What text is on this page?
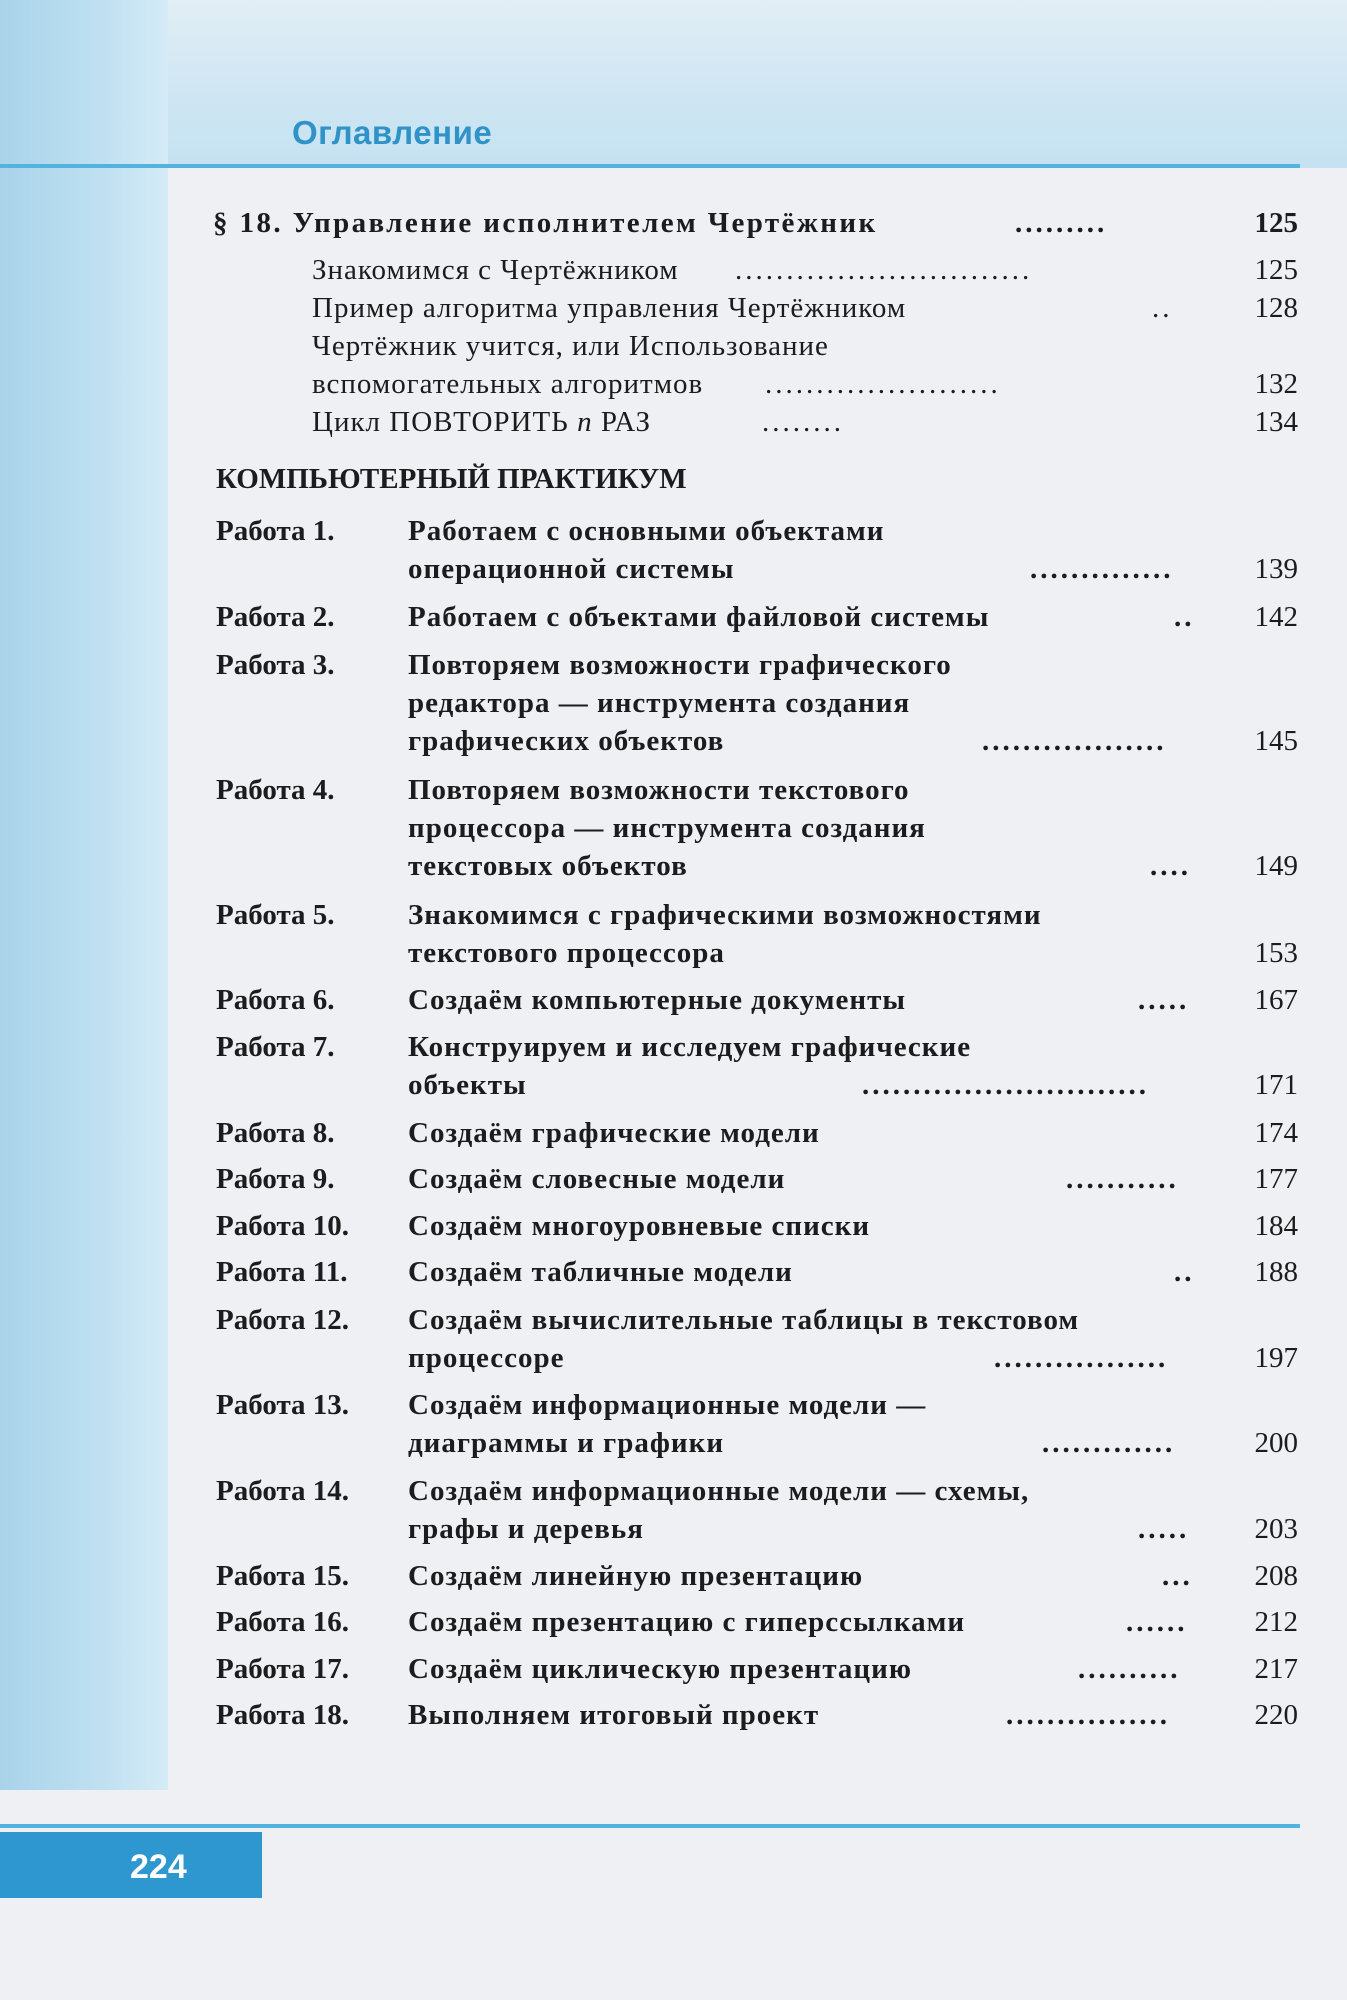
Оглавление
§ 18. Управление исполнителем Чертёжник	.........	125
Знакомимся с Чертёжником .............................	125
Пример алгоритма управления Чертёжником	..	128
Чертёжник учится, или Использование
вспомогательных алгоритмов .......................	132
Цикл ПОВТОРИТЬ n РАЗ	........	134
КОМПЬЮТЕРНЫЙ ПРАКТИКУМ
Работа 1.	Работаем с основными объектами
операционной системы	..............	139
Работа 2.	Работаем с объектами файловой системы	..	142
Работа 3.	Повторяем возможности графического
редактора — инструмента создания
графических объектов	..................	145
Работа 4.	Повторяем возможности текстового
процессора — инструмента создания
текстовых объектов	....	149
Работа 5.	Знакомимся с графическими возможностями
текстового процессора	153
Работа 6.	Создаём компьютерные документы	.....	167
Работа 7.	Конструируем и исследуем графические
объекты	............................	171
Работа 8.	Создаём графические модели	174
Работа 9.	Создаём словесные модели	...........	177
Работа 10. Создаём многоуровневые списки	184
Работа 11. Создаём табличные модели	..	188
Работа 12. Создаём вычислительные таблицы в текстовом
процессоре	.................	197
Работа 13. Создаём информационные модели —
диаграммы и графики	.............	200
Работа 14. Создаём информационные модели — схемы,
графы и деревья	.....	203
Работа 15. Создаём линейную презентацию	...	208
Работа 16. Создаём презентацию с гиперссылками	......	212
Работа 17. Создаём циклическую презентацию	..........	217
Работа 18. Выполняем итоговый проект	................	220
224
